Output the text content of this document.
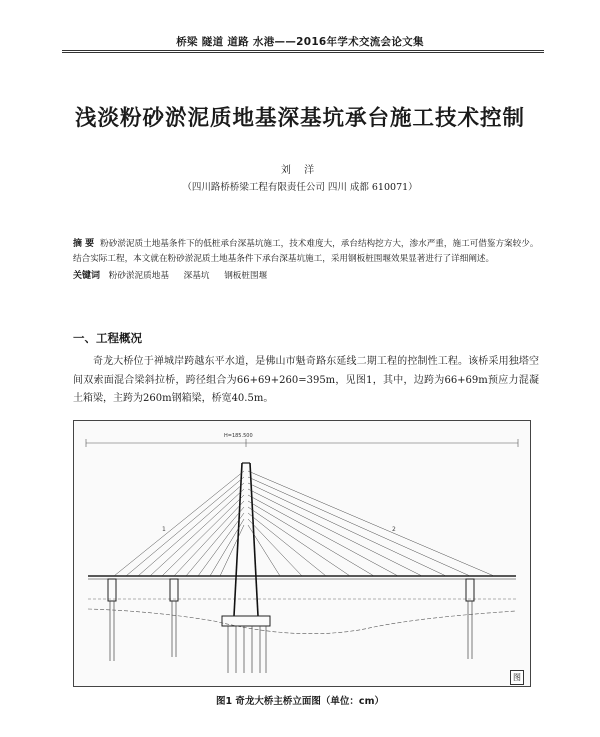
桥梁 隧道 道路 水港——2016年学术交流会论文集
浅淡粉砂淤泥质地基深基坑承台施工技术控制
刘 洋
（四川路桥桥梁工程有限责任公司 四川 成都 610071）
摘 要 粉砂淤泥质土地基条件下的低桩承台深基坑施工，技术难度大，承台结构挖方大，渗水严重，施工可借鉴方案较少。结合实际工程，本文就在粉砂淤泥质土地基条件下承台深基坑施工，采用钢板桩围堰效果显著进行了详细阐述。
关键词 粉砂淤泥质地基 深基坑 钢板桩围堰
一、工程概况
奇龙大桥位于禅城岸跨越东平水道，是佛山市魁奇路东延线二期工程的控制性工程。该桥采用独塔空间双索面混合梁斜拉桥，跨径组合为66+69+260=395m，见图1，其中，边跨为66+69m预应力混凝土箱梁，主跨为260m钢箱梁，桥宽40.5m。
H=185.500
1	2
图
图1 奇龙大桥主桥立面图（单位：cm）
